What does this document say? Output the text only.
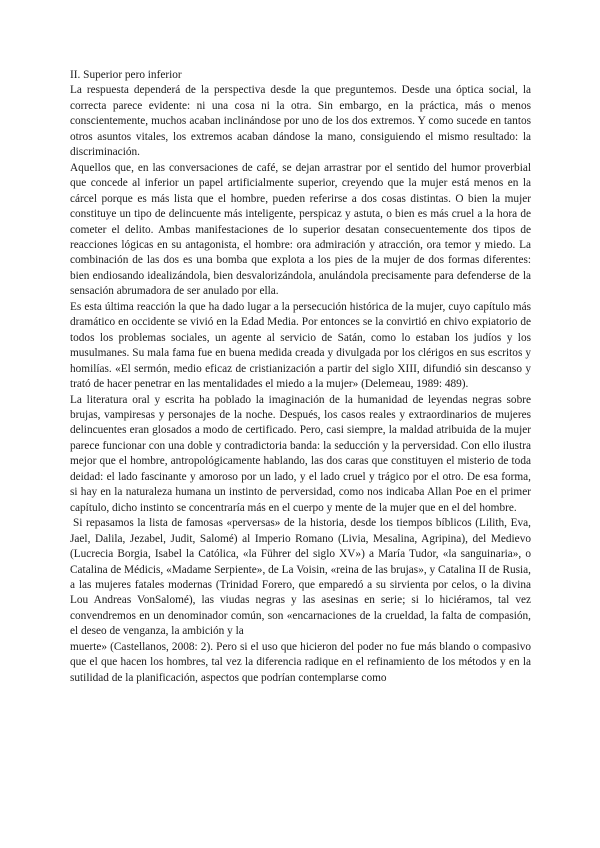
II. Superior pero inferior

La respuesta dependerá de la perspectiva desde la que preguntemos. Desde una óptica social, la correcta parece evidente: ni una cosa ni la otra. Sin embargo, en la práctica, más o menos conscientemente, muchos acaban inclinándose por uno de los dos extremos. Y como sucede en tantos otros asuntos vitales, los extremos acaban dándose la mano, consiguiendo el mismo resultado: la discriminación.

Aquellos que, en las conversaciones de café, se dejan arrastrar por el sentido del humor proverbial que concede al inferior un papel artificialmente superior, creyendo que la mujer está menos en la cárcel porque es más lista que el hombre, pueden referirse a dos cosas distintas. O bien la mujer constituye un tipo de delincuente más inteligente, perspicaz y astuta, o bien es más cruel a la hora de cometer el delito. Ambas manifestaciones de lo superior desatan consecuentemente dos tipos de reacciones lógicas en su antagonista, el hombre: ora admiración y atracción, ora temor y miedo. La combinación de las dos es una bomba que explota a los pies de la mujer de dos formas diferentes: bien endiosando idealizándola, bien desvalorizándola, anulándola precisamente para defenderse de la sensación abrumadora de ser anulado por ella.

Es esta última reacción la que ha dado lugar a la persecución histórica de la mujer, cuyo capítulo más dramático en occidente se vivió en la Edad Media. Por entonces se la convirtió en chivo expiatorio de todos los problemas sociales, un agente al servicio de Satán, como lo estaban los judíos y los musulmanes. Su mala fama fue en buena medida creada y divulgada por los clérigos en sus escritos y homilías. «El sermón, medio eficaz de cristianización a partir del siglo XIII, difundió sin descanso y trató de hacer penetrar en las mentalidades el miedo a la mujer» (Delemeau, 1989: 489).

La literatura oral y escrita ha poblado la imaginación de la humanidad de leyendas negras sobre brujas, vampiresas y personajes de la noche. Después, los casos reales y extraordinarios de mujeres delincuentes eran glosados a modo de certificado. Pero, casi siempre, la maldad atribuida de la mujer parece funcionar con una doble y contradictoria banda: la seducción y la perversidad. Con ello ilustra mejor que el hombre, antropológicamente hablando, las dos caras que constituyen el misterio de toda deidad: el lado fascinante y amoroso por un lado, y el lado cruel y trágico por el otro. De esa forma, si hay en la naturaleza humana un instinto de perversidad, como nos indicaba Allan Poe en el primer capítulo, dicho instinto se concentraría más en el cuerpo y mente de la mujer que en el del hombre.

Si repasamos la lista de famosas «perversas» de la historia, desde los tiempos bíblicos (Lilith, Eva, Jael, Dalila, Jezabel, Judit, Salomé) al Imperio Romano (Livia, Mesalina, Agripina), del Medievo (Lucrecia Borgia, Isabel la Católica, «la Führer del siglo XV») a María Tudor, «la sanguinaria», o Catalina de Médicis, «Madame Serpiente», de La Voisin, «reina de las brujas», y Catalina II de Rusia, a las mujeres fatales modernas (Trinidad Forero, que emparedó a su sirvienta por celos, o la divina Lou Andreas VonSalomé), las viudas negras y las asesinas en serie; si lo hiciéramos, tal vez convendremos en un denominador común, son «encarnaciones de la crueldad, la falta de compasión, el deseo de venganza, la ambición y la

muerte» (Castellanos, 2008: 2). Pero si el uso que hicieron del poder no fue más blando o compasivo que el que hacen los hombres, tal vez la diferencia radique en el refinamiento de los métodos y en la sutilidad de la planificación, aspectos que podrían contemplarse como
